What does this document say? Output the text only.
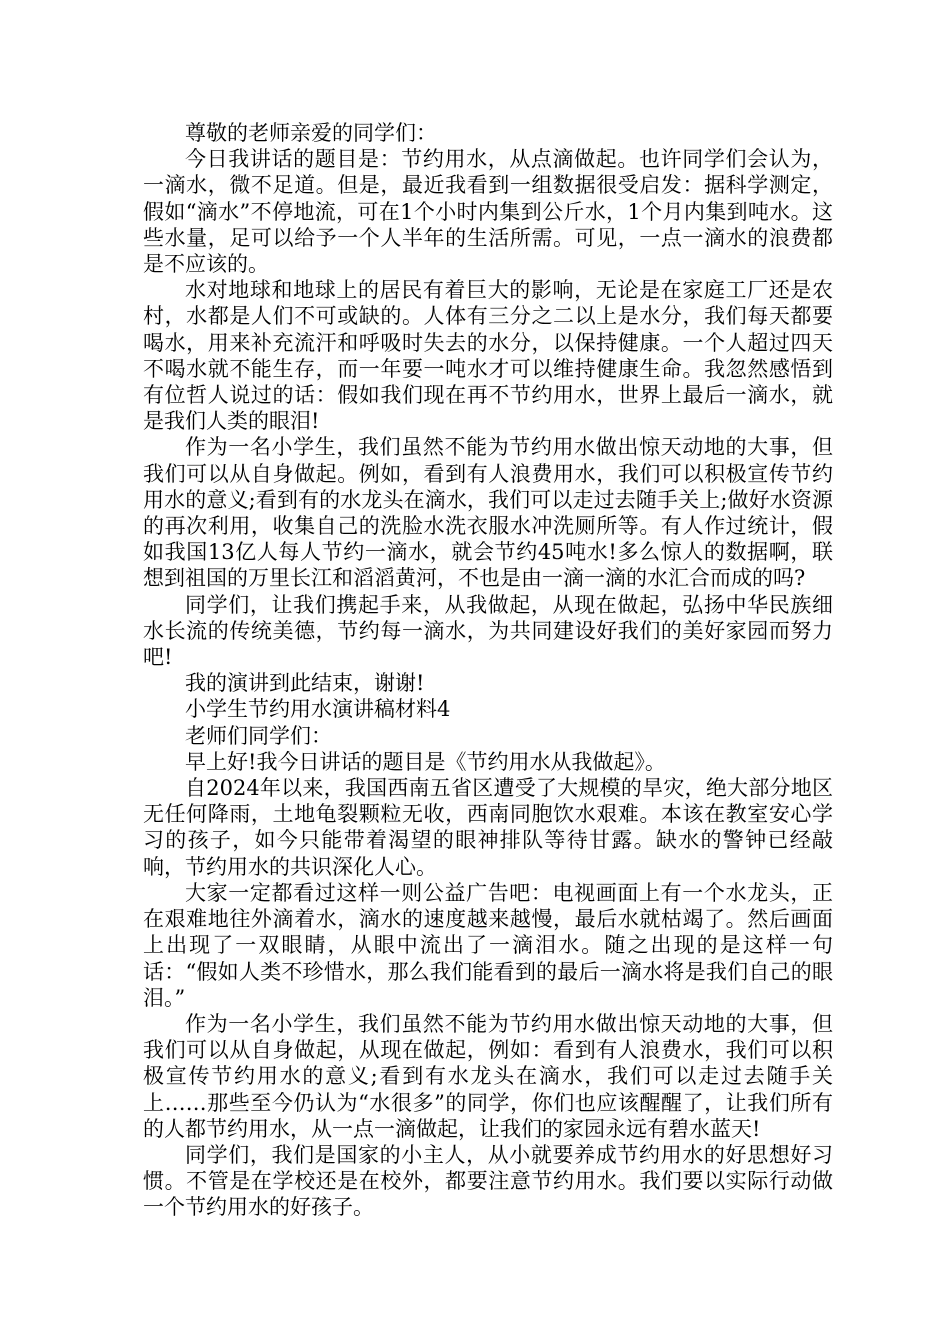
尊敬的老师亲爱的同学们：

今日我讲话的题目是：节约用水，从点滴做起。也许同学们会认为，一滴水，微不足道。但是，最近我看到一组数据很受启发：据科学测定，假如“滴水”不停地流，可在1个小时内集到公斤水，1个月内集到吨水。这些水量，足可以给予一个人半年的生活所需。可见，一点一滴水的浪费都是不应该的。

水对地球和地球上的居民有着巨大的影响，无论是在家庭工厂还是农村，水都是人们不可或缺的。人体有三分之二以上是水分，我们每天都要喝水，用来补充流汗和呼吸时失去的水分，以保持健康。一个人超过四天不喝水就不能生存，而一年要一吨水才可以维持健康生命。我忽然感悟到有位哲人说过的话：假如我们现在再不节约用水，世界上最后一滴水，就是我们人类的眼泪!

作为一名小学生，我们虽然不能为节约用水做出惊天动地的大事，但我们可以从自身做起。例如，看到有人浪费用水，我们可以积极宣传节约用水的意义;看到有的水龙头在滴水，我们可以走过去随手关上;做好水资源的再次利用，收集自己的洗脸水洗衣服水冲洗厕所等。有人作过统计，假如我国13亿人每人节约一滴水，就会节约45吨水!多么惊人的数据啊，联想到祖国的万里长江和滔滔黄河，不也是由一滴一滴的水汇合而成的吗?

同学们，让我们携起手来，从我做起，从现在做起，弘扬中华民族细水长流的传统美德，节约每一滴水，为共同建设好我们的美好家园而努力吧!

我的演讲到此结束，谢谢!

小学生节约用水演讲稿材料4

老师们同学们：

早上好!我今日讲话的题目是《节约用水从我做起》。

自2024年以来，我国西南五省区遭受了大规模的旱灾，绝大部分地区无任何降雨，土地龟裂颗粒无收，西南同胞饮水艰难。本该在教室安心学习的孩子，如今只能带着渴望的眼神排队等待甘露。缺水的警钟已经敲响，节约用水的共识深化人心。

大家一定都看过这样一则公益广告吧：电视画面上有一个水龙头，正在艰难地往外滴着水，滴水的速度越来越慢，最后水就枯竭了。然后画面上出现了一双眼睛，从眼中流出了一滴泪水。随之出现的是这样一句话：“假如人类不珍惜水，那么我们能看到的最后一滴水将是我们自己的眼泪。”

作为一名小学生，我们虽然不能为节约用水做出惊天动地的大事，但我们可以从自身做起，从现在做起，例如：看到有人浪费水，我们可以积极宣传节约用水的意义;看到有水龙头在滴水，我们可以走过去随手关上……那些至今仍认为“水很多”的同学，你们也应该醒醒了，让我们所有的人都节约用水，从一点一滴做起，让我们的家园永远有碧水蓝天!

同学们，我们是国家的小主人，从小就要养成节约用水的好思想好习惯。不管是在学校还是在校外，都要注意节约用水。我们要以实际行动做一个节约用水的好孩子。
